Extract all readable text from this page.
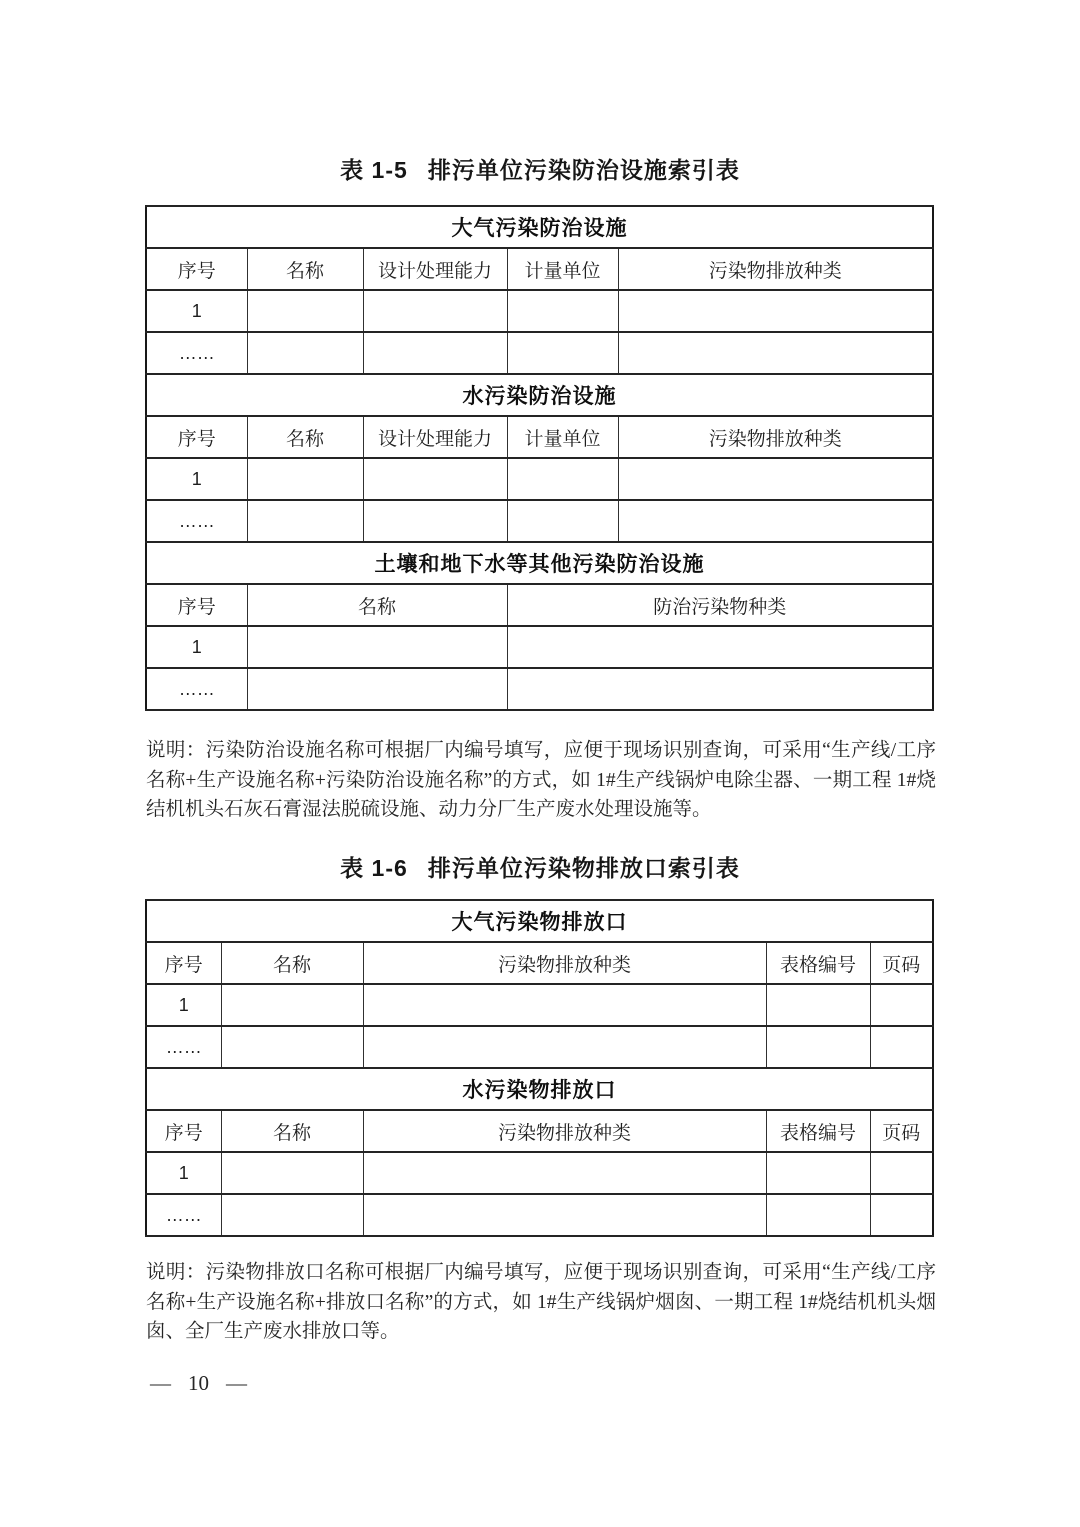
表 1-5 排污单位污染防治设施索引表
大气污染防治设施				
序号	名称	设计处理能力	计量单位	污染物排放种类
1				
……				
水污染防治设施				
序号	名称	设计处理能力	计量单位	污染物排放种类
1				
……				
土壤和地下水等其他污染防治设施				
序号	名称		防治污染物种类	
1				
……				
说明：污染防治设施名称可根据厂内编号填写，应便于现场识别查询，可采用“生产线/工序名称+生产设施名称+污染防治设施名称”的方式，如 1#生产线锅炉电除尘器、一期工程 1#烧结机机头石灰石膏湿法脱硫设施、动力分厂生产废水处理设施等。
表 1-6 排污单位污染物排放口索引表
大气污染物排放口				
序号	名称	污染物排放种类	表格编号	页码
1				
……				
水污染物排放口				
序号	名称	污染物排放种类	表格编号	页码
1				
……				
说明：污染物排放口名称可根据厂内编号填写，应便于现场识别查询，可采用“生产线/工序名称+生产设施名称+排放口名称”的方式，如 1#生产线锅炉烟囱、一期工程 1#烧结机机头烟囱、全厂生产废水排放口等。
— 10 —
